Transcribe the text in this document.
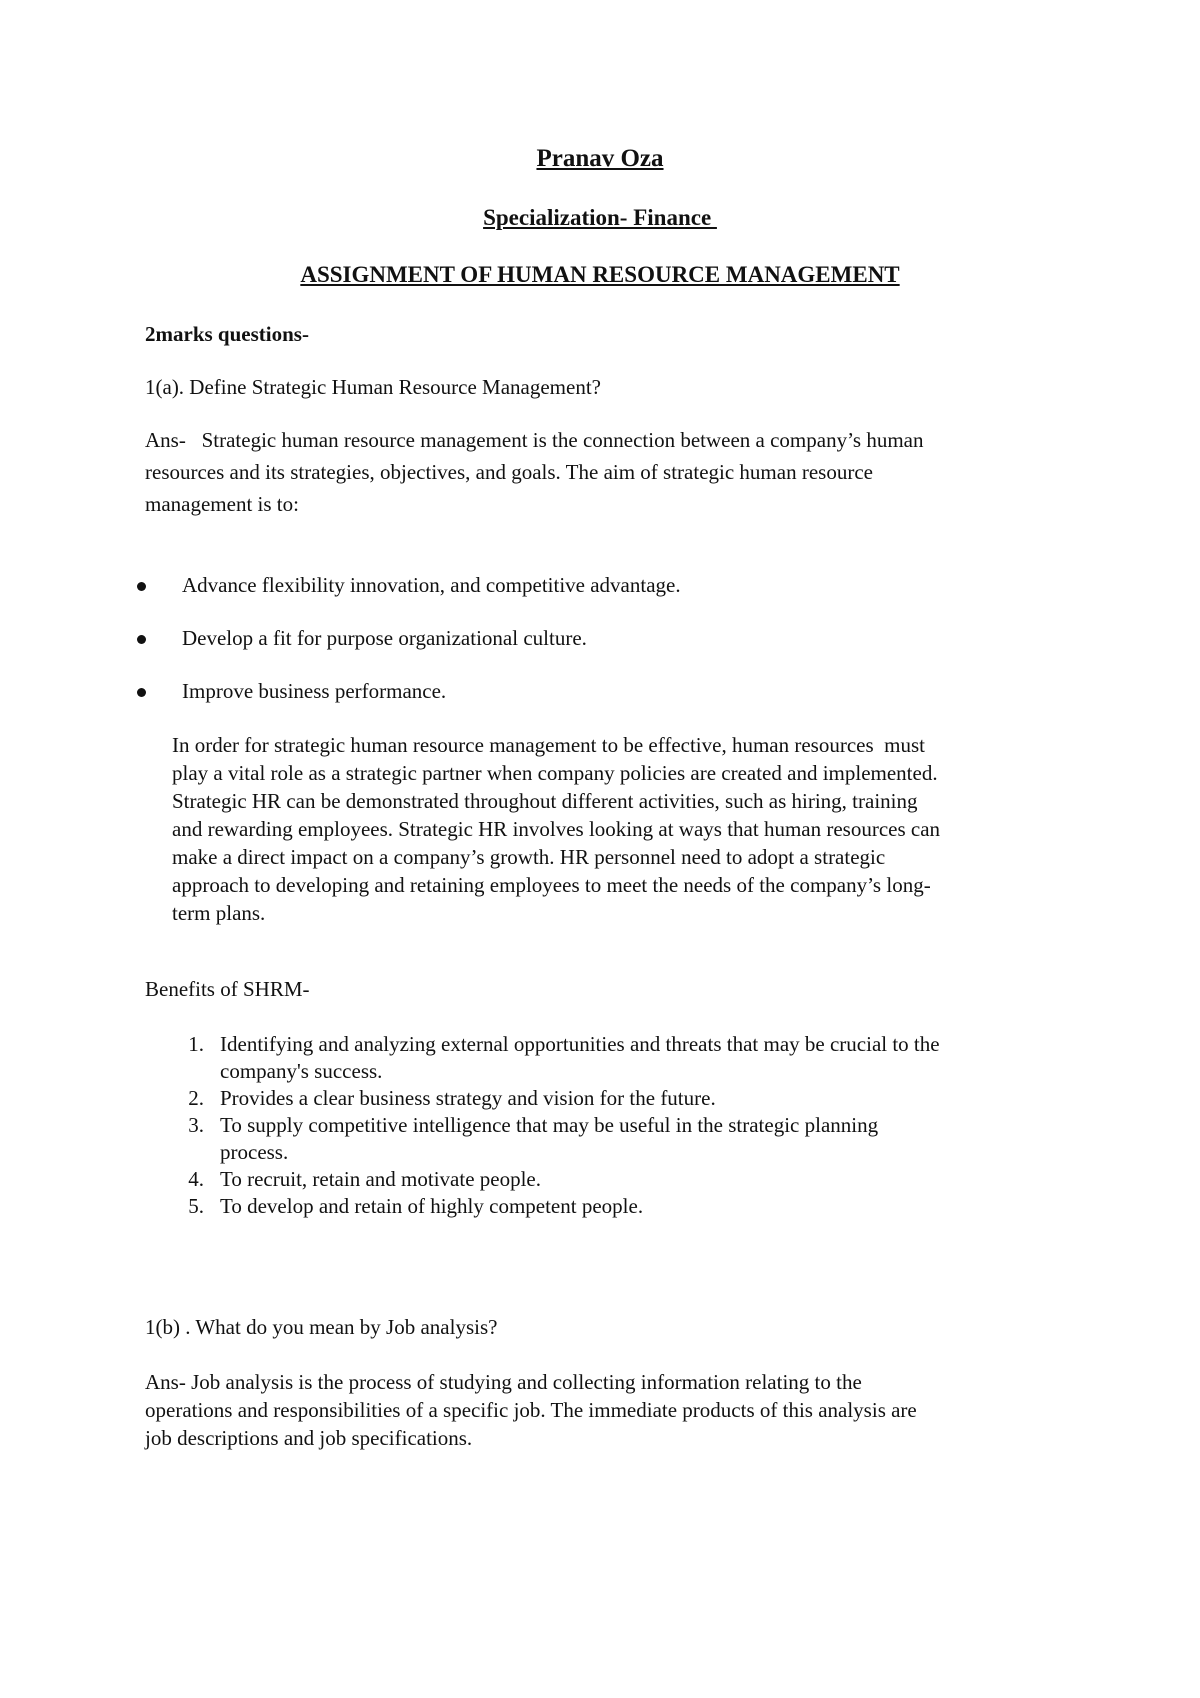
Pranav Oza
Specialization- Finance
ASSIGNMENT OF HUMAN RESOURCE MANAGEMENT
2marks questions-
1(a). Define Strategic Human Resource Management?
Ans-   Strategic human resource management is the connection between a company’s human
resources and its strategies, objectives, and goals. The aim of strategic human resource
management is to:
Advance flexibility innovation, and competitive advantage.
Develop a fit for purpose organizational culture.
Improve business performance.
In order for strategic human resource management to be effective, human resources  must
play a vital role as a strategic partner when company policies are created and implemented.
Strategic HR can be demonstrated throughout different activities, such as hiring, training
and rewarding employees. Strategic HR involves looking at ways that human resources can
make a direct impact on a company’s growth. HR personnel need to adopt a strategic
approach to developing and retaining employees to meet the needs of the company’s long-
term plans.
Benefits of SHRM-
1. Identifying and analyzing external opportunities and threats that may be crucial to the
company's success.
2. Provides a clear business strategy and vision for the future.
3. To supply competitive intelligence that may be useful in the strategic planning
process.
4. To recruit, retain and motivate people.
5. To develop and retain of highly competent people.
1(b) . What do you mean by Job analysis?
Ans- Job analysis is the process of studying and collecting information relating to the
operations and responsibilities of a specific job. The immediate products of this analysis are
job descriptions and job specifications.
